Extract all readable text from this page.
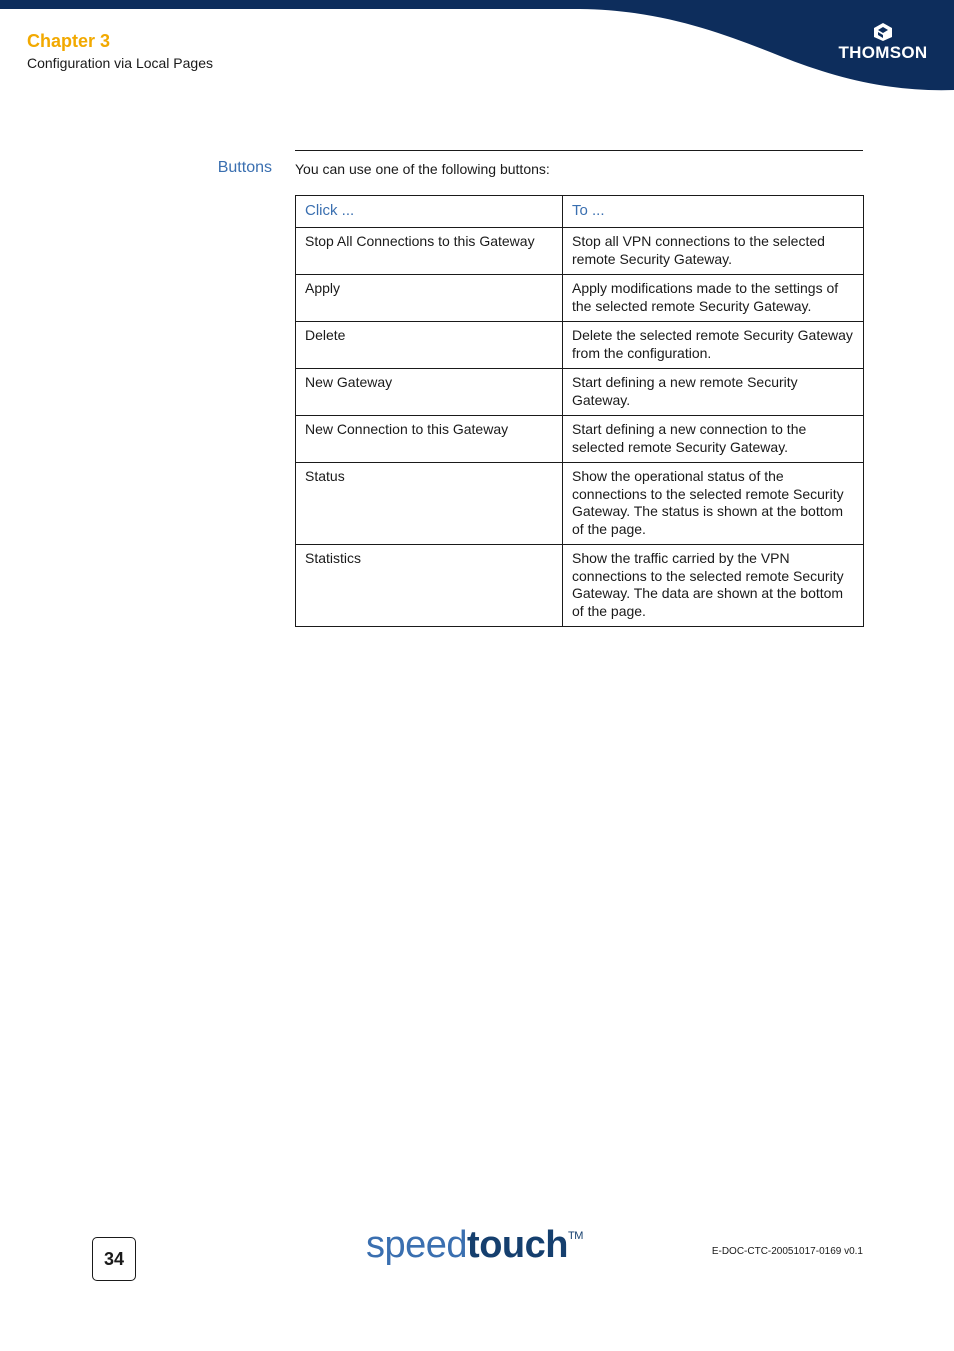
Chapter 3
Configuration via Local Pages
THOMSON
Buttons You can use one of the following buttons:
Click ...	To ...
Stop All Connections to this Gateway	Stop all VPN connections to the selected remote Security Gateway.
Apply	Apply modifications made to the settings of the selected remote Security Gateway.
Delete	Delete the selected remote Security Gateway from the configuration.
New Gateway	Start defining a new remote Security Gateway.
New Connection to this Gateway	Start defining a new connection to the selected remote Security Gateway.
Status	Show the operational status of the connections to the selected remote Security Gateway. The status is shown at the bottom of the page.
Statistics	Show the traffic carried by the VPN connections to the selected remote Security Gateway. The data are shown at the bottom of the page.
34	speedtouch™
E-DOC-CTC-20051017-0169 v0.1
